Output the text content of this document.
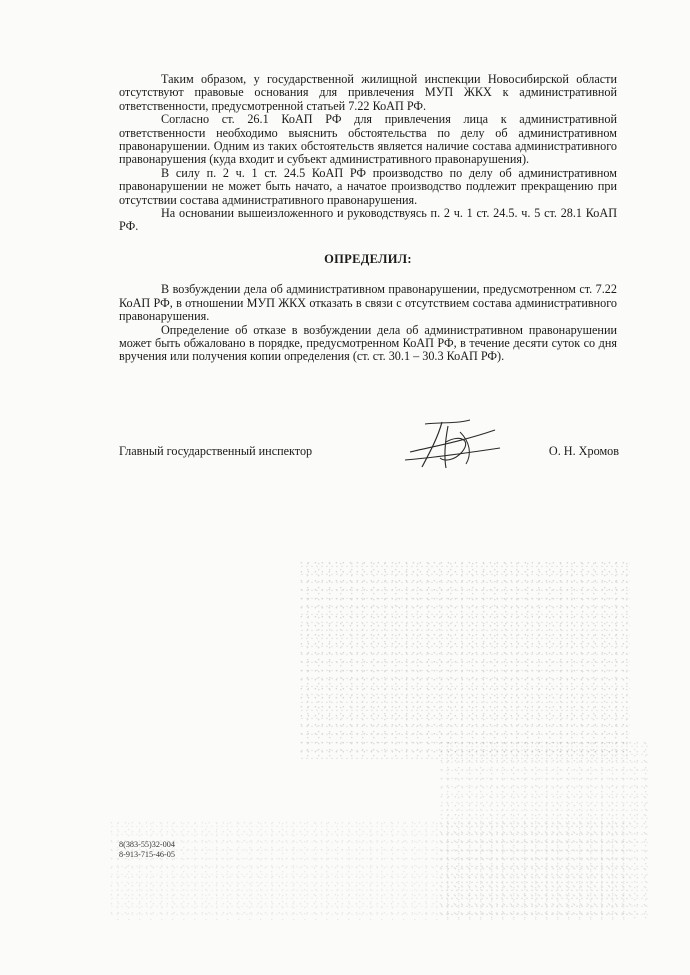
Таким образом, у государственной жилищной инспекции Новосибирской области отсутствуют правовые основания для привлечения МУП ЖКХ к административной ответственности, предусмотренной статьей 7.22 КоАП РФ.

Согласно ст. 26.1 КоАП РФ для привлечения лица к административной ответственности необходимо выяснить обстоятельства по делу об административном правонарушении. Одним из таких обстоятельств является наличие состава административного правонарушения (куда входит и субъект административного правонарушения).

В силу п. 2 ч. 1 ст. 24.5 КоАП РФ производство по делу об административном правонарушении не может быть начато, а начатое производство подлежит прекращению при отсутствии состава административного правонарушения.

На основании вышеизложенного и руководствуясь п. 2 ч. 1 ст. 24.5. ч. 5 ст. 28.1 КоАП РФ.

ОПРЕДЕЛИЛ:

В возбуждении дела об административном правонарушении, предусмотренном ст. 7.22 КоАП РФ, в отношении МУП ЖКХ отказать в связи с отсутствием состава административного правонарушения.

Определение об отказе в возбуждении дела об административном правонарушении может быть обжаловано в порядке, предусмотренном КоАП РФ, в течение десяти суток со дня вручения или получения копии определения (ст. ст. 30.1 – 30.3 КоАП РФ).

Главный государственный инспектор	О. Н. Хромов
8(383-55)32-004
8-913-715-46-05
